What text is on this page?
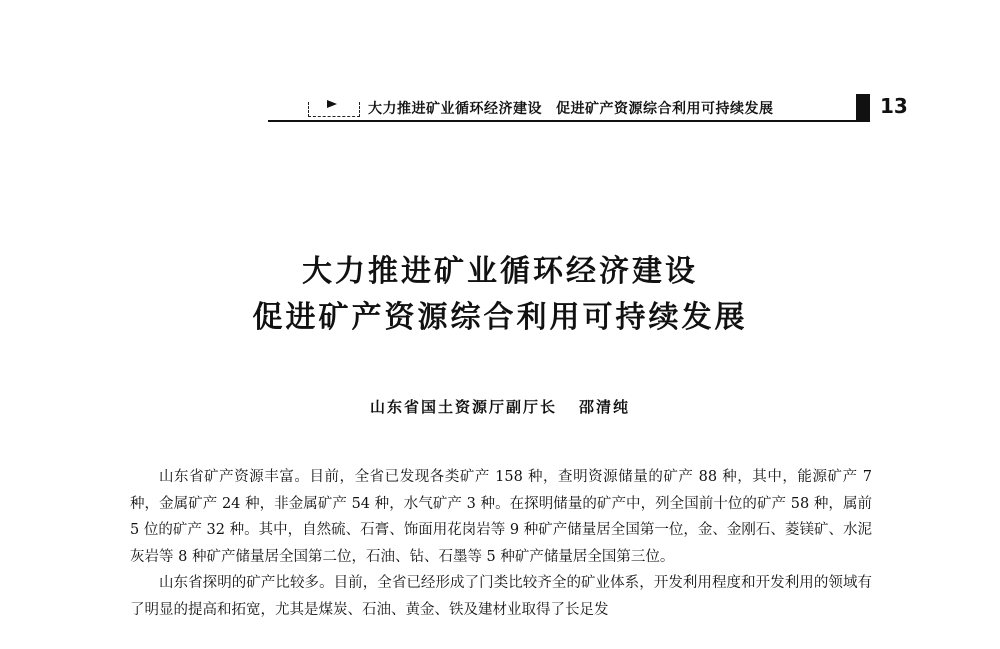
大力推进矿业循环经济建设 促进矿产资源综合利用可持续发展	13
大力推进矿业循环经济建设
促进矿产资源综合利用可持续发展
山东省国土资源厅副厅长 邵清纯

山东省矿产资源丰富。目前，全省已发现各类矿产 158 种，查明资源储量的矿产 88 种，其中，能源矿产 7 种，金属矿产 24 种，非金属矿产 54 种，水气矿产 3 种。在探明储量的矿产中，列全国前十位的矿产 58 种，属前 5 位的矿产 32 种。其中，自然硫、石膏、饰面用花岗岩等 9 种矿产储量居全国第一位，金、金刚石、菱镁矿、水泥灰岩等 8 种矿产储量居全国第二位，石油、钻、石墨等 5 种矿产储量居全国第三位。

山东省探明的矿产比较多。目前，全省已经形成了门类比较齐全的矿业体系，开发利用程度和开发利用的领域有了明显的提高和拓宽，尤其是煤炭、石油、黄金、铁及建材业取得了长足发
